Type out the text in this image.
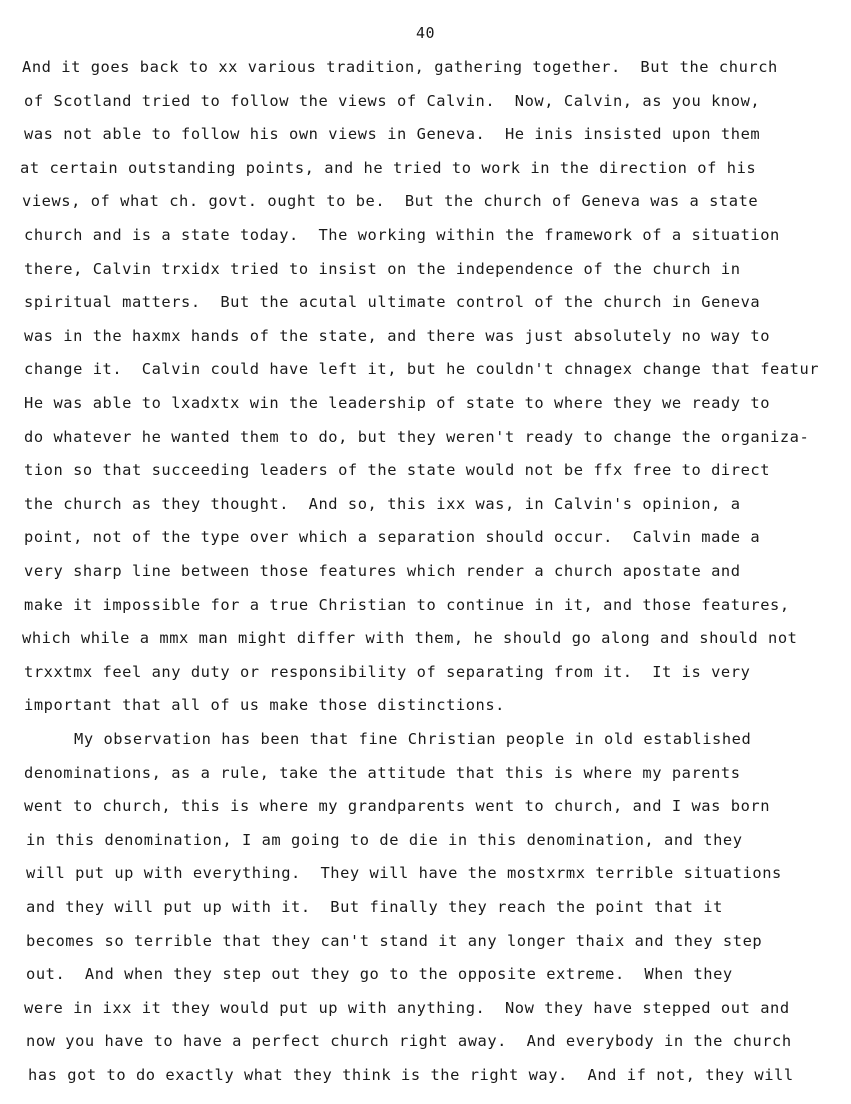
40
And it goes back to xx various tradition, gathering together.  But the church
of Scotland tried to follow the views of Calvin.  Now, Calvin, as you know,
was not able to follow his own views in Geneva.  He inis insisted upon them
at certain outstanding points, and he tried to work in the direction of his
views, of what ch. govt. ought to be.  But the church of Geneva was a state
church and is a state today.  The working within the framework of a situation
there, Calvin trxidx tried to insist on the independence of the church in
spiritual matters.  But the acutal ultimate control of the church in Geneva
was in the haxmx hands of the state, and there was just absolutely no way to
change it.  Calvin could have left it, but he couldn't chnagex change that featur
He was able to lxadxtx win the leadership of state to where they we ready to
do whatever he wanted them to do, but they weren't ready to change the organiza-
tion so that succeeding leaders of the state would not be ffx free to direct
the church as they thought.  And so, this ixx was, in Calvin's opinion, a
point, not of the type over which a separation should occur.  Calvin made a
very sharp line between those features which render a church apostate and
make it impossible for a true Christian to continue in it, and those features,
which while a mmx man might differ with them, he should go along and should not
trxxtmx feel any duty or responsibility of separating from it.  It is very
important that all of us make those distinctions.
My observation has been that fine Christian people in old established
denominations, as a rule, take the attitude that this is where my parents
went to church, this is where my grandparents went to church, and I was born
in this denomination, I am going to de die in this denomination, and they
will put up with everything.  They will have the mostxrmx terrible situations
and they will put up with it.  But finally they reach the point that it
becomes so terrible that they can't stand it any longer thaix and they step
out.  And when they step out they go to the opposite extreme.  When they
were in ixx it they would put up with anything.  Now they have stepped out and
now you have to have a perfect church right away.  And everybody in the church
has got to do exactly what they think is the right way.  And if not, they will
